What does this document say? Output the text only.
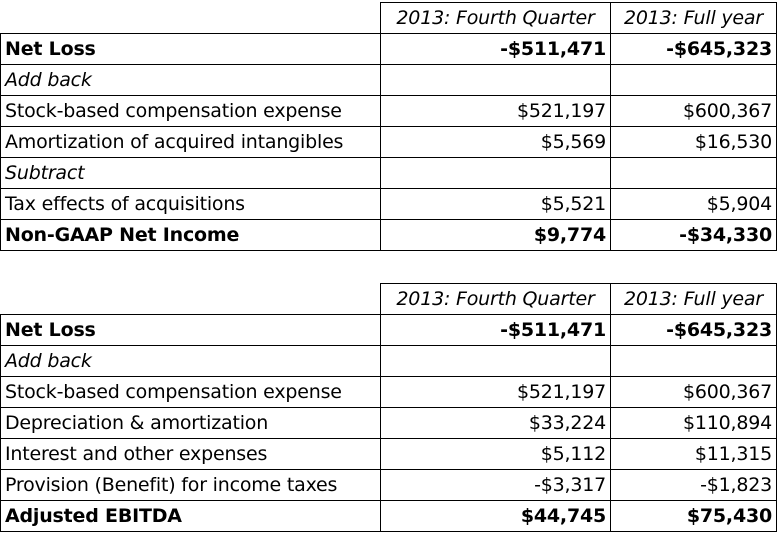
	2013: Fourth Quarter	2013: Full year
Net Loss	-$511,471	-$645,323
Add back		
Stock-based compensation expense	$521,197	$600,367
Amortization of acquired intangibles	$5,569	$16,530
Subtract		
Tax effects of acquisitions	$5,521	$5,904
Non-GAAP Net Income	$9,774	-$34,330
	2013: Fourth Quarter	2013: Full year
Net Loss	-$511,471	-$645,323
Add back		
Stock-based compensation expense	$521,197	$600,367
Depreciation & amortization	$33,224	$110,894
Interest and other expenses	$5,112	$11,315
Provision (Benefit) for income taxes	-$3,317	-$1,823
Adjusted EBITDA	$44,745	$75,430
